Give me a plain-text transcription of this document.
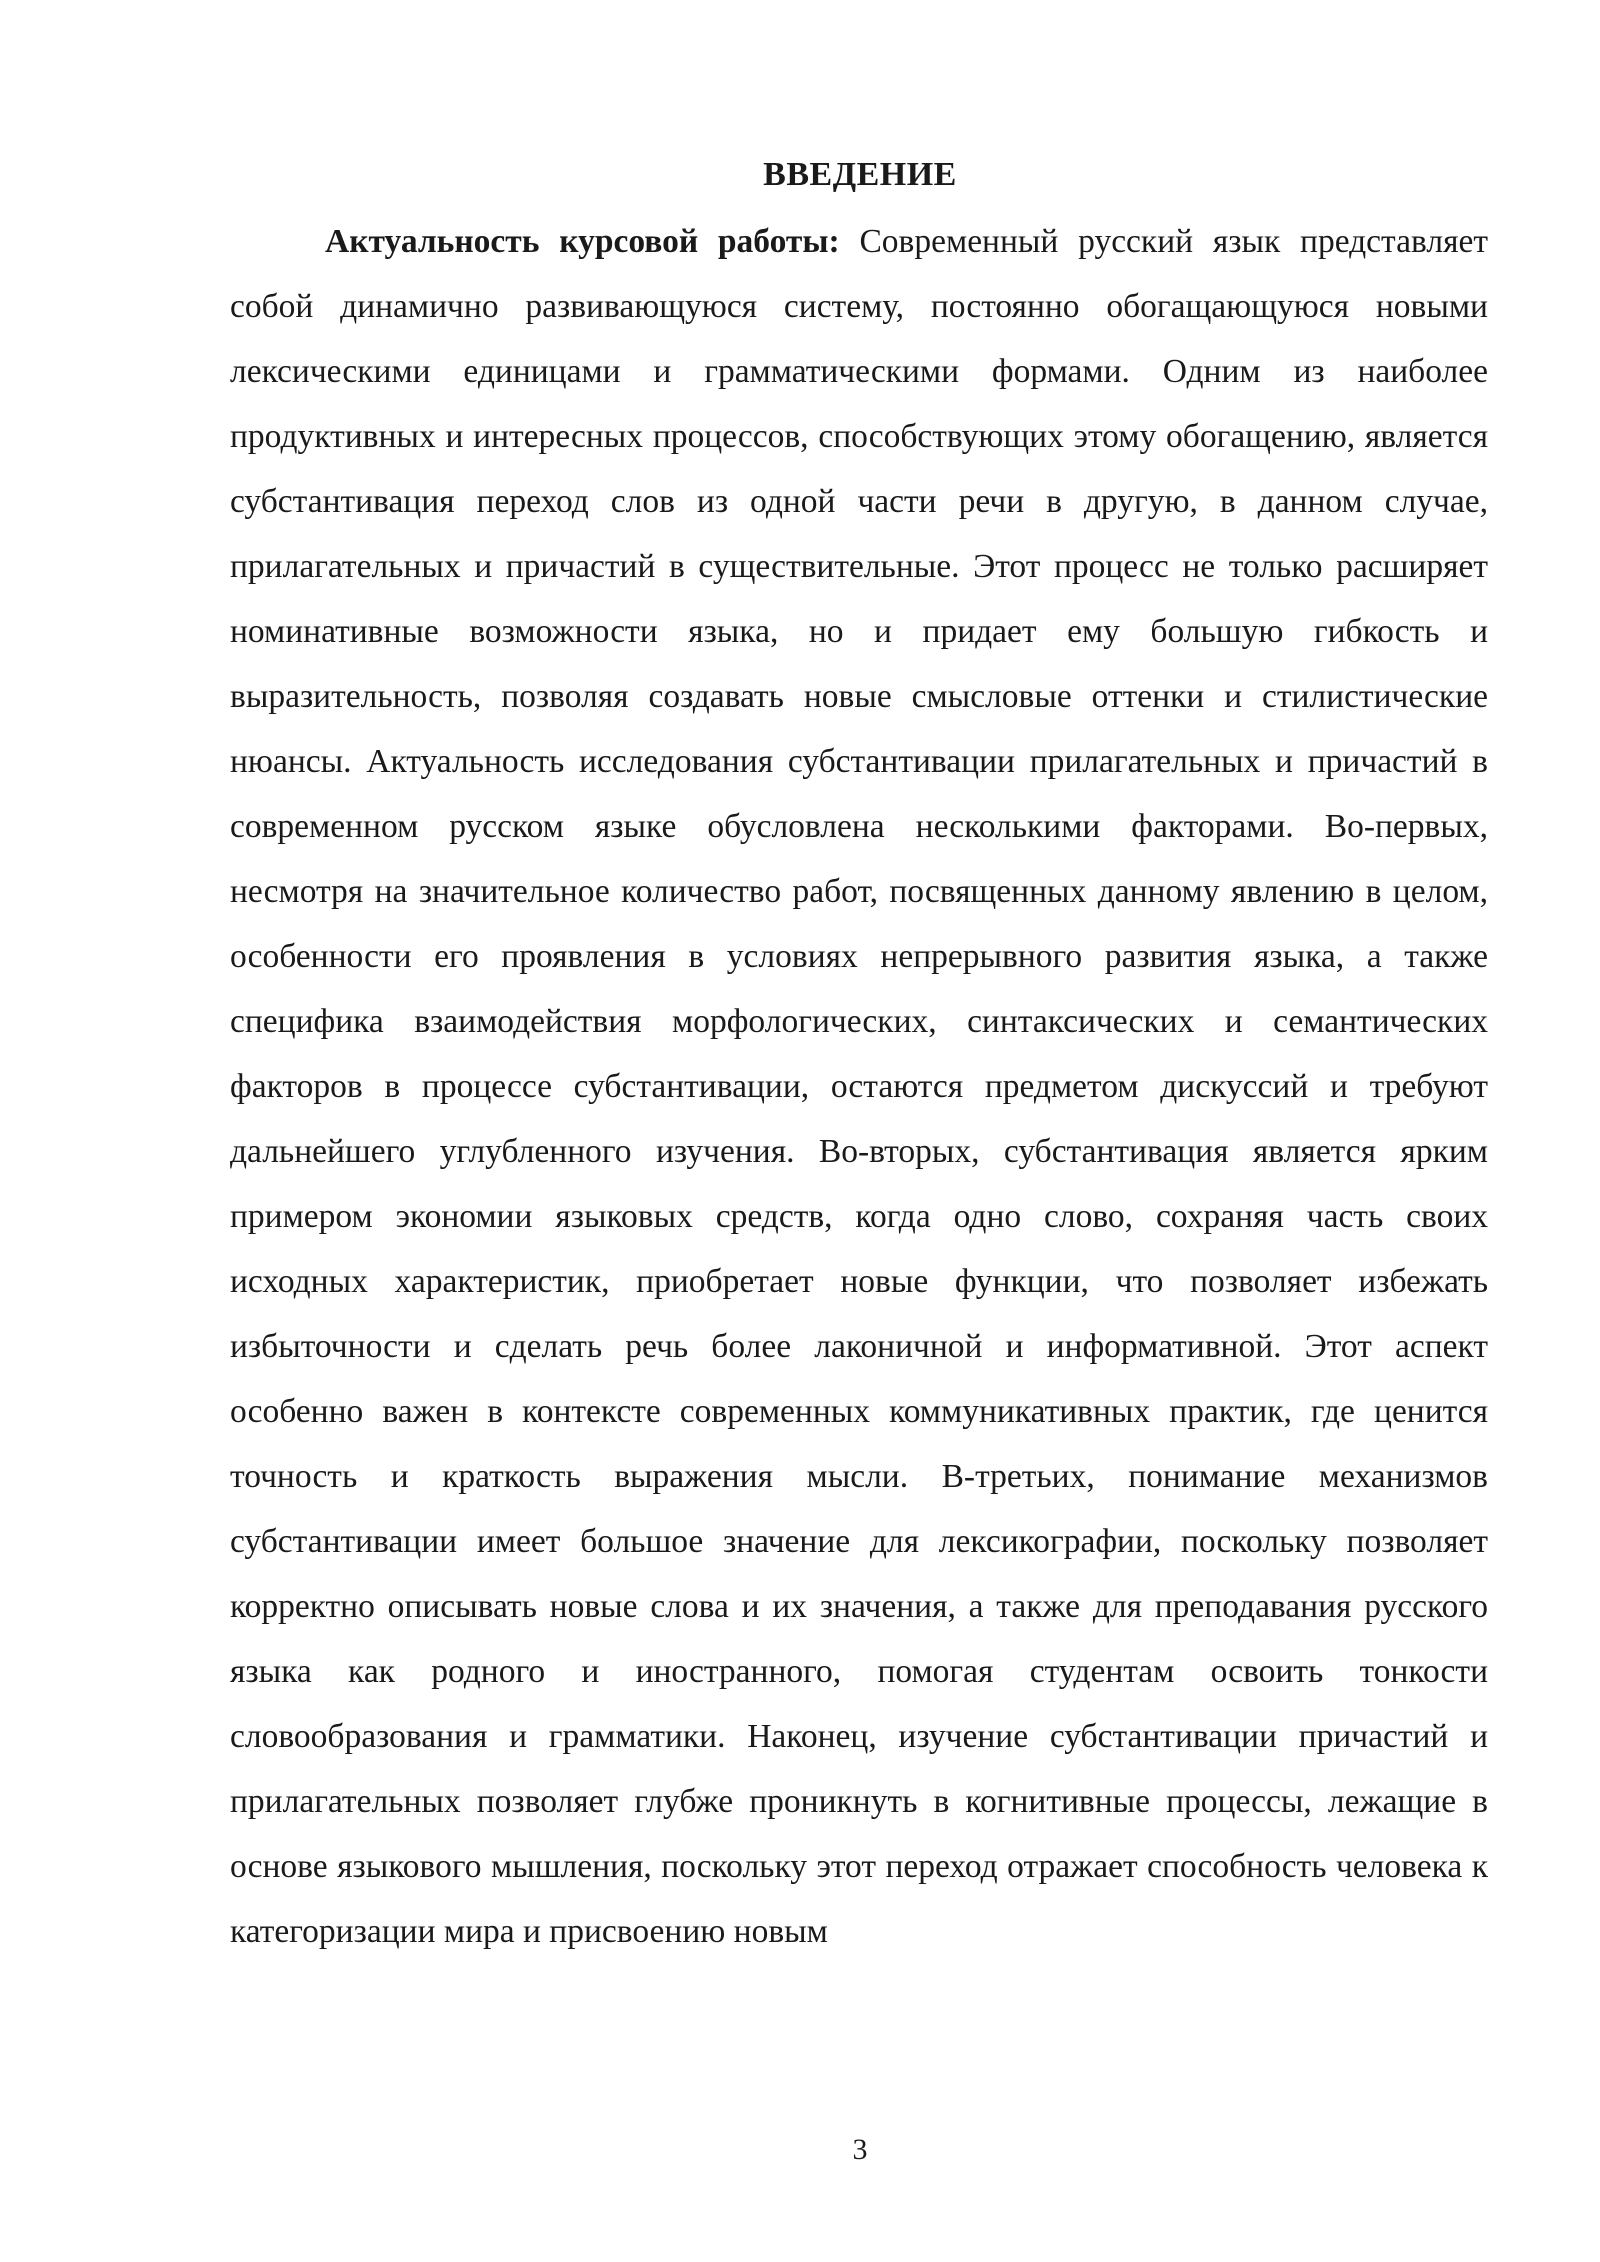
ВВЕДЕНИЕ

Актуальность курсовой работы: Современный русский язык представляет собой динамично развивающуюся систему, постоянно обогащающуюся новыми лексическими единицами и грамматическими формами. Одним из наиболее продуктивных и интересных процессов, способствующих этому обогащению, является субстантивация переход слов из одной части речи в другую, в данном случае, прилагательных и причастий в существительные. Этот процесс не только расширяет номинативные возможности языка, но и придает ему большую гибкость и выразительность, позволяя создавать новые смысловые оттенки и стилистические нюансы. Актуальность исследования субстантивации прилагательных и причастий в современном русском языке обусловлена несколькими факторами. Во-первых, несмотря на значительное количество работ, посвященных данному явлению в целом, особенности его проявления в условиях непрерывного развития языка, а также специфика взаимодействия морфологических, синтаксических и семантических факторов в процессе субстантивации, остаются предметом дискуссий и требуют дальнейшего углубленного изучения. Во-вторых, субстантивация является ярким примером экономии языковых средств, когда одно слово, сохраняя часть своих исходных характеристик, приобретает новые функции, что позволяет избежать избыточности и сделать речь более лаконичной и информативной. Этот аспект особенно важен в контексте современных коммуникативных практик, где ценится точность и краткость выражения мысли. В-третьих, понимание механизмов субстантивации имеет большое значение для лексикографии, поскольку позволяет корректно описывать новые слова и их значения, а также для преподавания русского языка как родного и иностранного, помогая студентам освоить тонкости словообразования и грамматики. Наконец, изучение субстантивации причастий и прилагательных позволяет глубже проникнуть в когнитивные процессы, лежащие в основе языкового мышления, поскольку этот переход отражает способность человека к категоризации мира и присвоению новым

3
